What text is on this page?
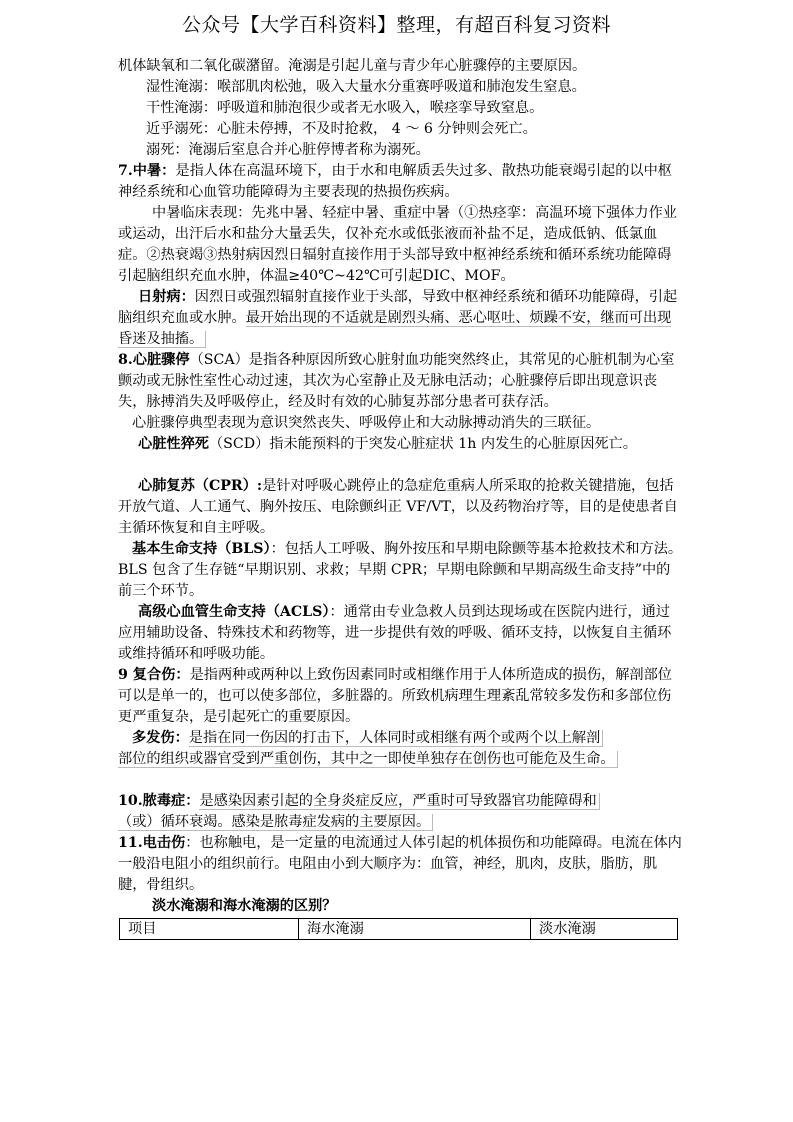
公众号【大学百科资料】整理，有超百科复习资料

机体缺氧和二氧化碳潴留。淹溺是引起儿童与青少年心脏骤停的主要原因。

湿性淹溺：喉部肌肉松弛，吸入大量水分重赛呼吸道和肺泡发生窒息。

干性淹溺：呼吸道和肺泡很少或者无水吸入，喉痉挛导致窒息。

近乎溺死：心脏未停搏，不及时抢救， 4 ～ 6 分钟则会死亡。

溺死：淹溺后室息合并心脏停博者称为溺死。

7.中暑：是指人体在高温环境下，由于水和电解质丢失过多、散热功能衰竭引起的以中枢神经系统和心血管功能障碍为主要表现的热损伤疾病。

中暑临床表现：先兆中暑、轻症中暑、重症中暑（①热痉挛：高温环境下强体力作业或运动，出汗后水和盐分大量丢失，仅补充水或低张液而补盐不足，造成低钠、低氯血症。②热衰竭③热射病因烈日辐射直接作用于头部导致中枢神经系统和循环系统功能障碍引起脑组织充血水肿，体温≥40℃~42℃可引起DIC、MOF。

日射病：因烈日或强烈辐射直接作业于头部，导致中枢神经系统和循环功能障碍，引起脑组织充血或水肿。最开始出现的不适就是剧烈头痛、恶心呕吐、烦躁不安，继而可出现昏迷及抽搐。

8.心脏骤停（SCA）是指各种原因所致心脏射血功能突然终止，其常见的心脏机制为心室颤动或无脉性室性心动过速，其次为心室静止及无脉电活动；心脏骤停后即出现意识丧失，脉搏消失及呼吸停止，经及时有效的心肺复苏部分患者可获存活。

心脏骤停典型表现为意识突然丧失、呼吸停止和大动脉搏动消失的三联征。

心脏性猝死（SCD）指未能预料的于突发心脏症状 1h 内发生的心脏原因死亡。

心肺复苏（CPR）:是针对呼吸心跳停止的急症危重病人所采取的抢救关键措施，包括开放气道、人工通气、胸外按压、电除颤纠正 VF/VT，以及药物治疗等，目的是使患者自主循环恢复和自主呼吸。

基本生命支持（BLS）：包括人工呼吸、胸外按压和早期电除颤等基本抢救技术和方法。BLS 包含了生存链“早期识别、求救；早期 CPR；早期电除颤和早期高级生命支持”中的前三个环节。

高级心血管生命支持（ACLS）：通常由专业急救人员到达现场或在医院内进行，通过应用辅助设备、特殊技术和药物等，进一步提供有效的呼吸、循环支持，以恢复自主循环或维持循环和呼吸功能。

9 复合伤：是指两种或两种以上致伤因素同时或相继作用于人体所造成的损伤，解剖部位可以是单一的，也可以使多部位，多脏器的。所致机病理生理紊乱常较多发伤和多部位伤更严重复杂，是引起死亡的重要原因。

多发伤：是指在同一伤因的打击下，人体同时或相继有两个或两个以上解剖

部位的组织或器官受到严重创伤，其中之一即使单独存在创伤也可能危及生命。

10.脓毒症：是感染因素引起的全身炎症反应，严重时可导致器官功能障碍和

（或）循环衰竭。感染是脓毒症发病的主要原因。

11.电击伤：也称触电，是一定量的电流通过人体引起的机体损伤和功能障碍。电流在体内一般沿电阻小的组织前行。电阻由小到大顺序为：血管，神经，肌肉，皮肤，脂肪，肌腱，骨组织。

淡水淹溺和海水淹溺的区别？

项目	海水淹溺	淡水淹溺
